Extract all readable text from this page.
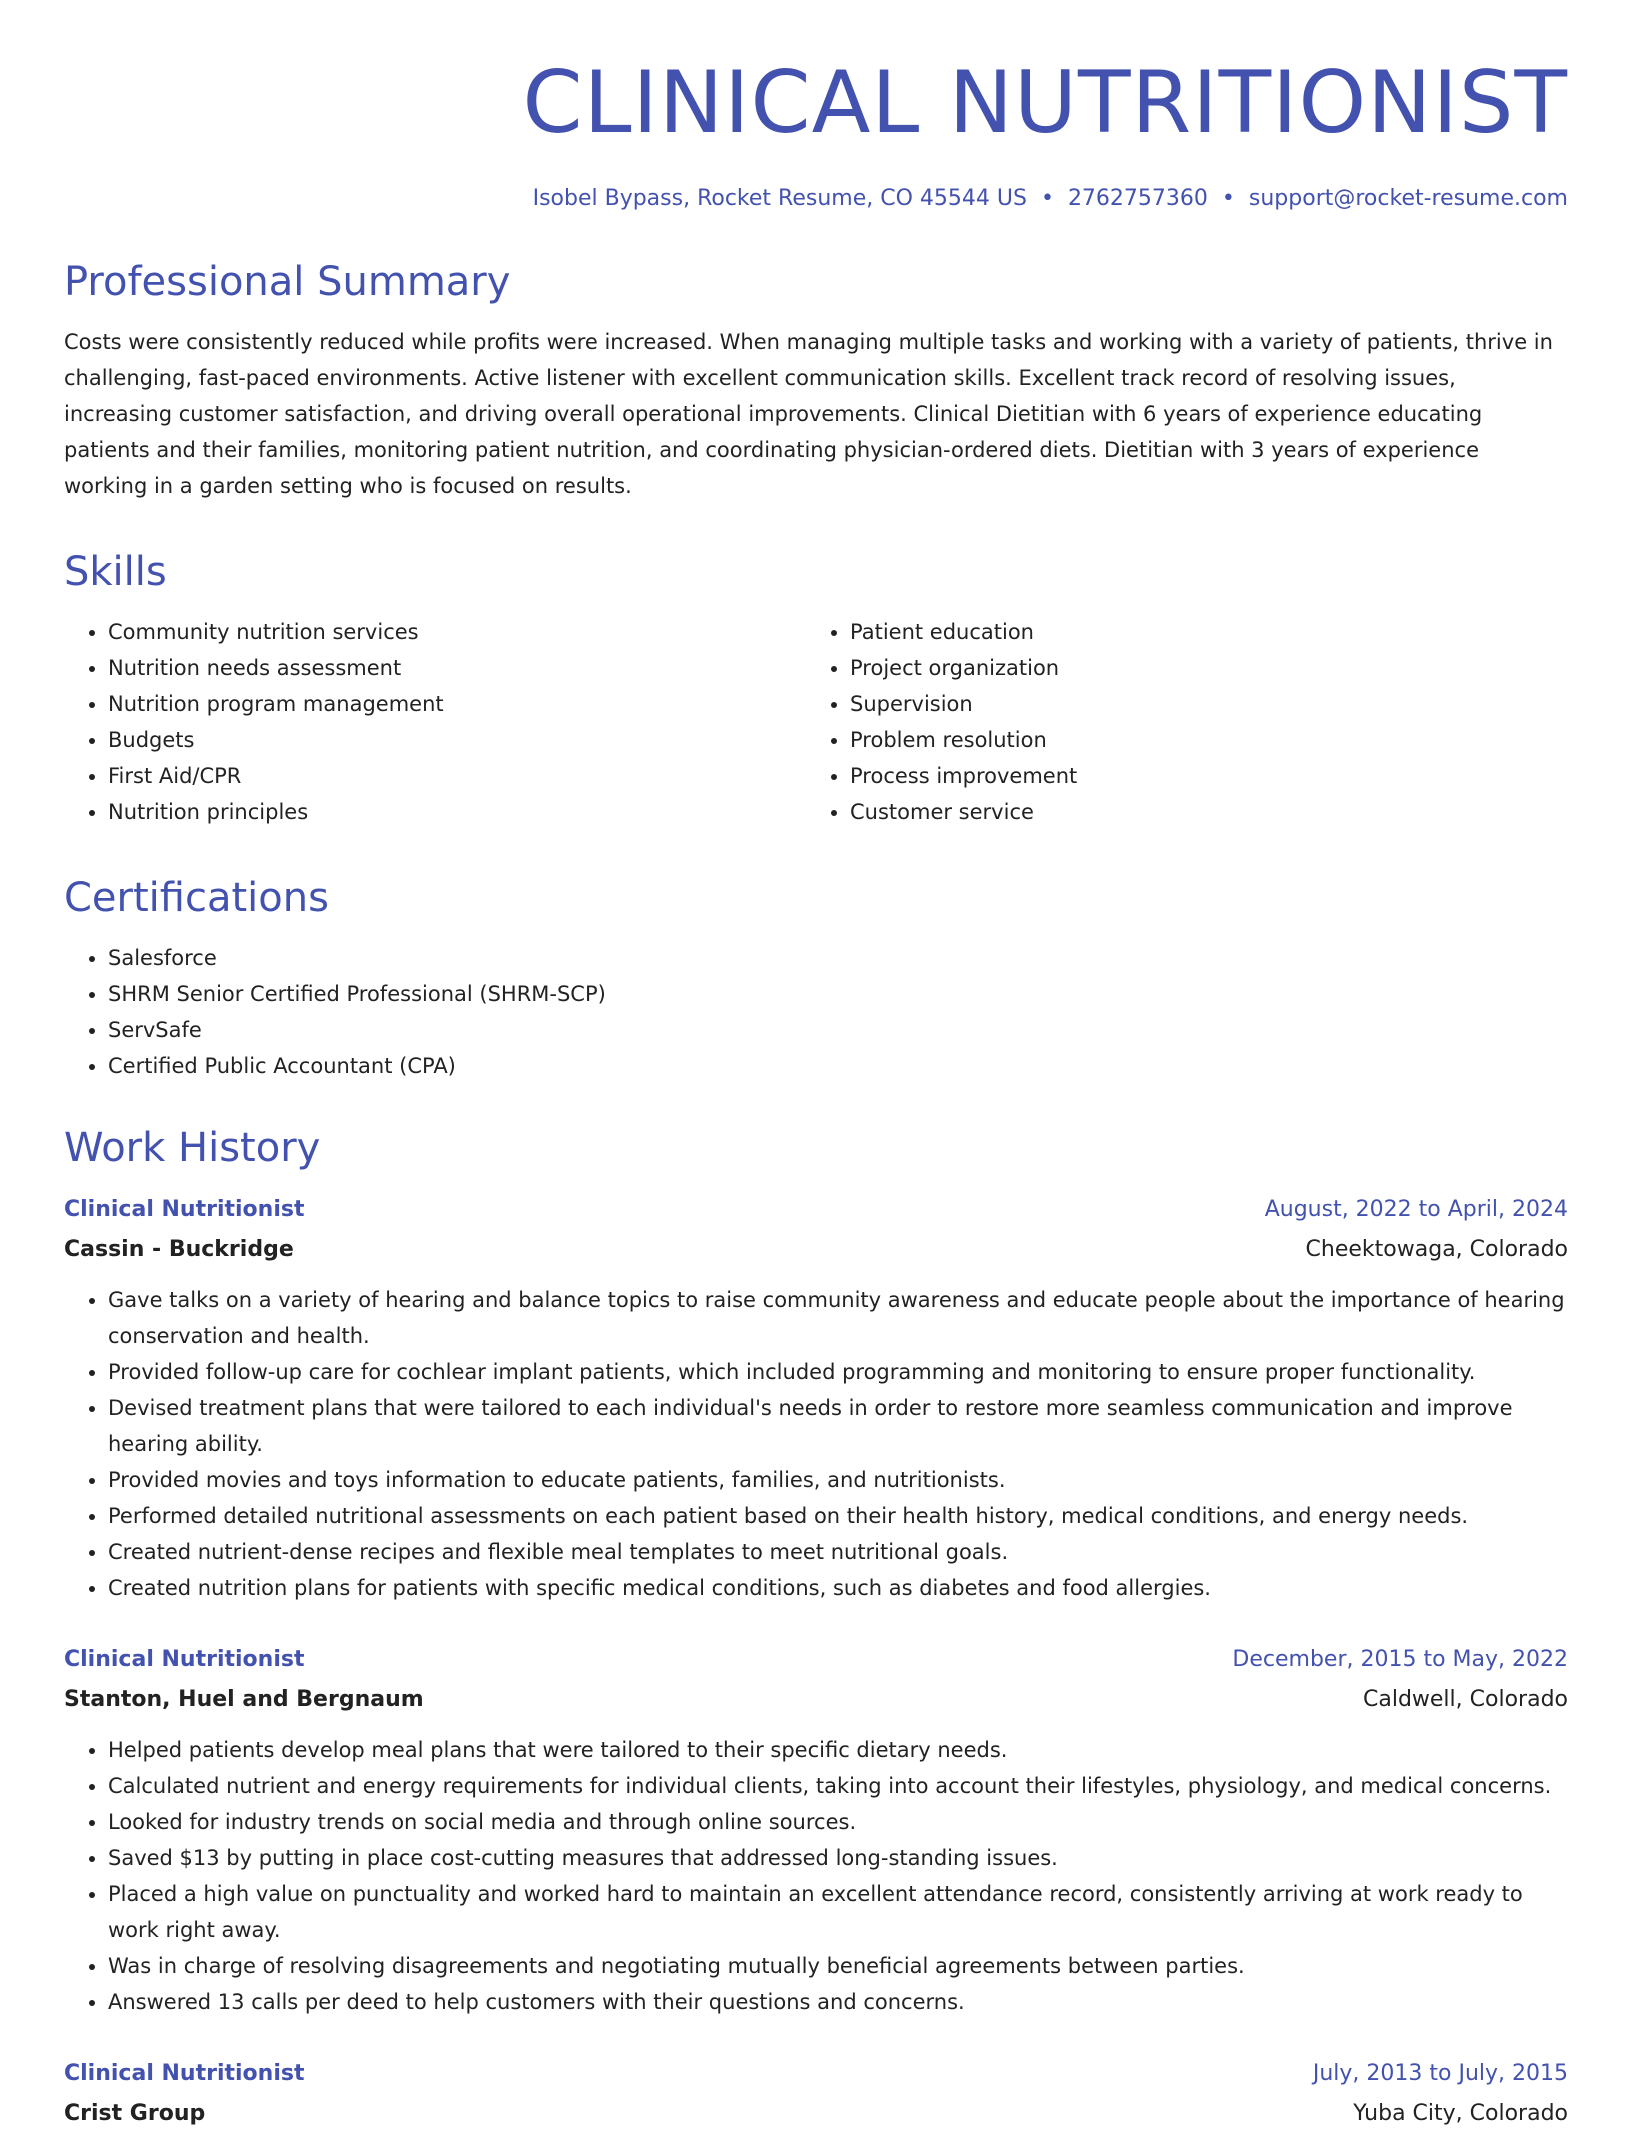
CLINICAL NUTRITIONIST
Isobel Bypass, Rocket Resume, CO 45544 US • 2762757360 • support@rocket-resume.com
Professional Summary

Costs were consistently reduced while profits were increased. When managing multiple tasks and working with a variety of patients, thrive in challenging, fast-paced environments. Active listener with excellent communication skills. Excellent track record of resolving issues, increasing customer satisfaction, and driving overall operational improvements. Clinical Dietitian with 6 years of experience educating patients and their families, monitoring patient nutrition, and coordinating physician-ordered diets. Dietitian with 3 years of experience working in a garden setting who is focused on results.

Skills
• Community nutrition services
• Nutrition needs assessment
• Nutrition program management
• Budgets
• First Aid/CPR
• Nutrition principles
• Patient education
• Project organization
• Supervision
• Problem resolution
• Process improvement
• Customer service
Certifications
• Salesforce
• SHRM Senior Certified Professional (SHRM-SCP)
• ServSafe
• Certified Public Accountant (CPA)
Work History
Clinical Nutritionist	August, 2022 to April, 2024
Cassin - Buckridge	Cheektowaga, Colorado
• Gave talks on a variety of hearing and balance topics to raise community awareness and educate people about the importance of hearing conservation and health.
• Provided follow-up care for cochlear implant patients, which included programming and monitoring to ensure proper functionality.
• Devised treatment plans that were tailored to each individual's needs in order to restore more seamless communication and improve hearing ability.
• Provided movies and toys information to educate patients, families, and nutritionists.
• Performed detailed nutritional assessments on each patient based on their health history, medical conditions, and energy needs.
• Created nutrient-dense recipes and flexible meal templates to meet nutritional goals.
• Created nutrition plans for patients with specific medical conditions, such as diabetes and food allergies.
Clinical Nutritionist	December, 2015 to May, 2022
Stanton, Huel and Bergnaum	Caldwell, Colorado
• Helped patients develop meal plans that were tailored to their specific dietary needs.
• Calculated nutrient and energy requirements for individual clients, taking into account their lifestyles, physiology, and medical concerns.
• Looked for industry trends on social media and through online sources.
• Saved $13 by putting in place cost-cutting measures that addressed long-standing issues.
• Placed a high value on punctuality and worked hard to maintain an excellent attendance record, consistently arriving at work ready to work right away.
• Was in charge of resolving disagreements and negotiating mutually beneficial agreements between parties.
• Answered 13 calls per deed to help customers with their questions and concerns.
Clinical Nutritionist	July, 2013 to July, 2015
Crist Group	Yuba City, Colorado
